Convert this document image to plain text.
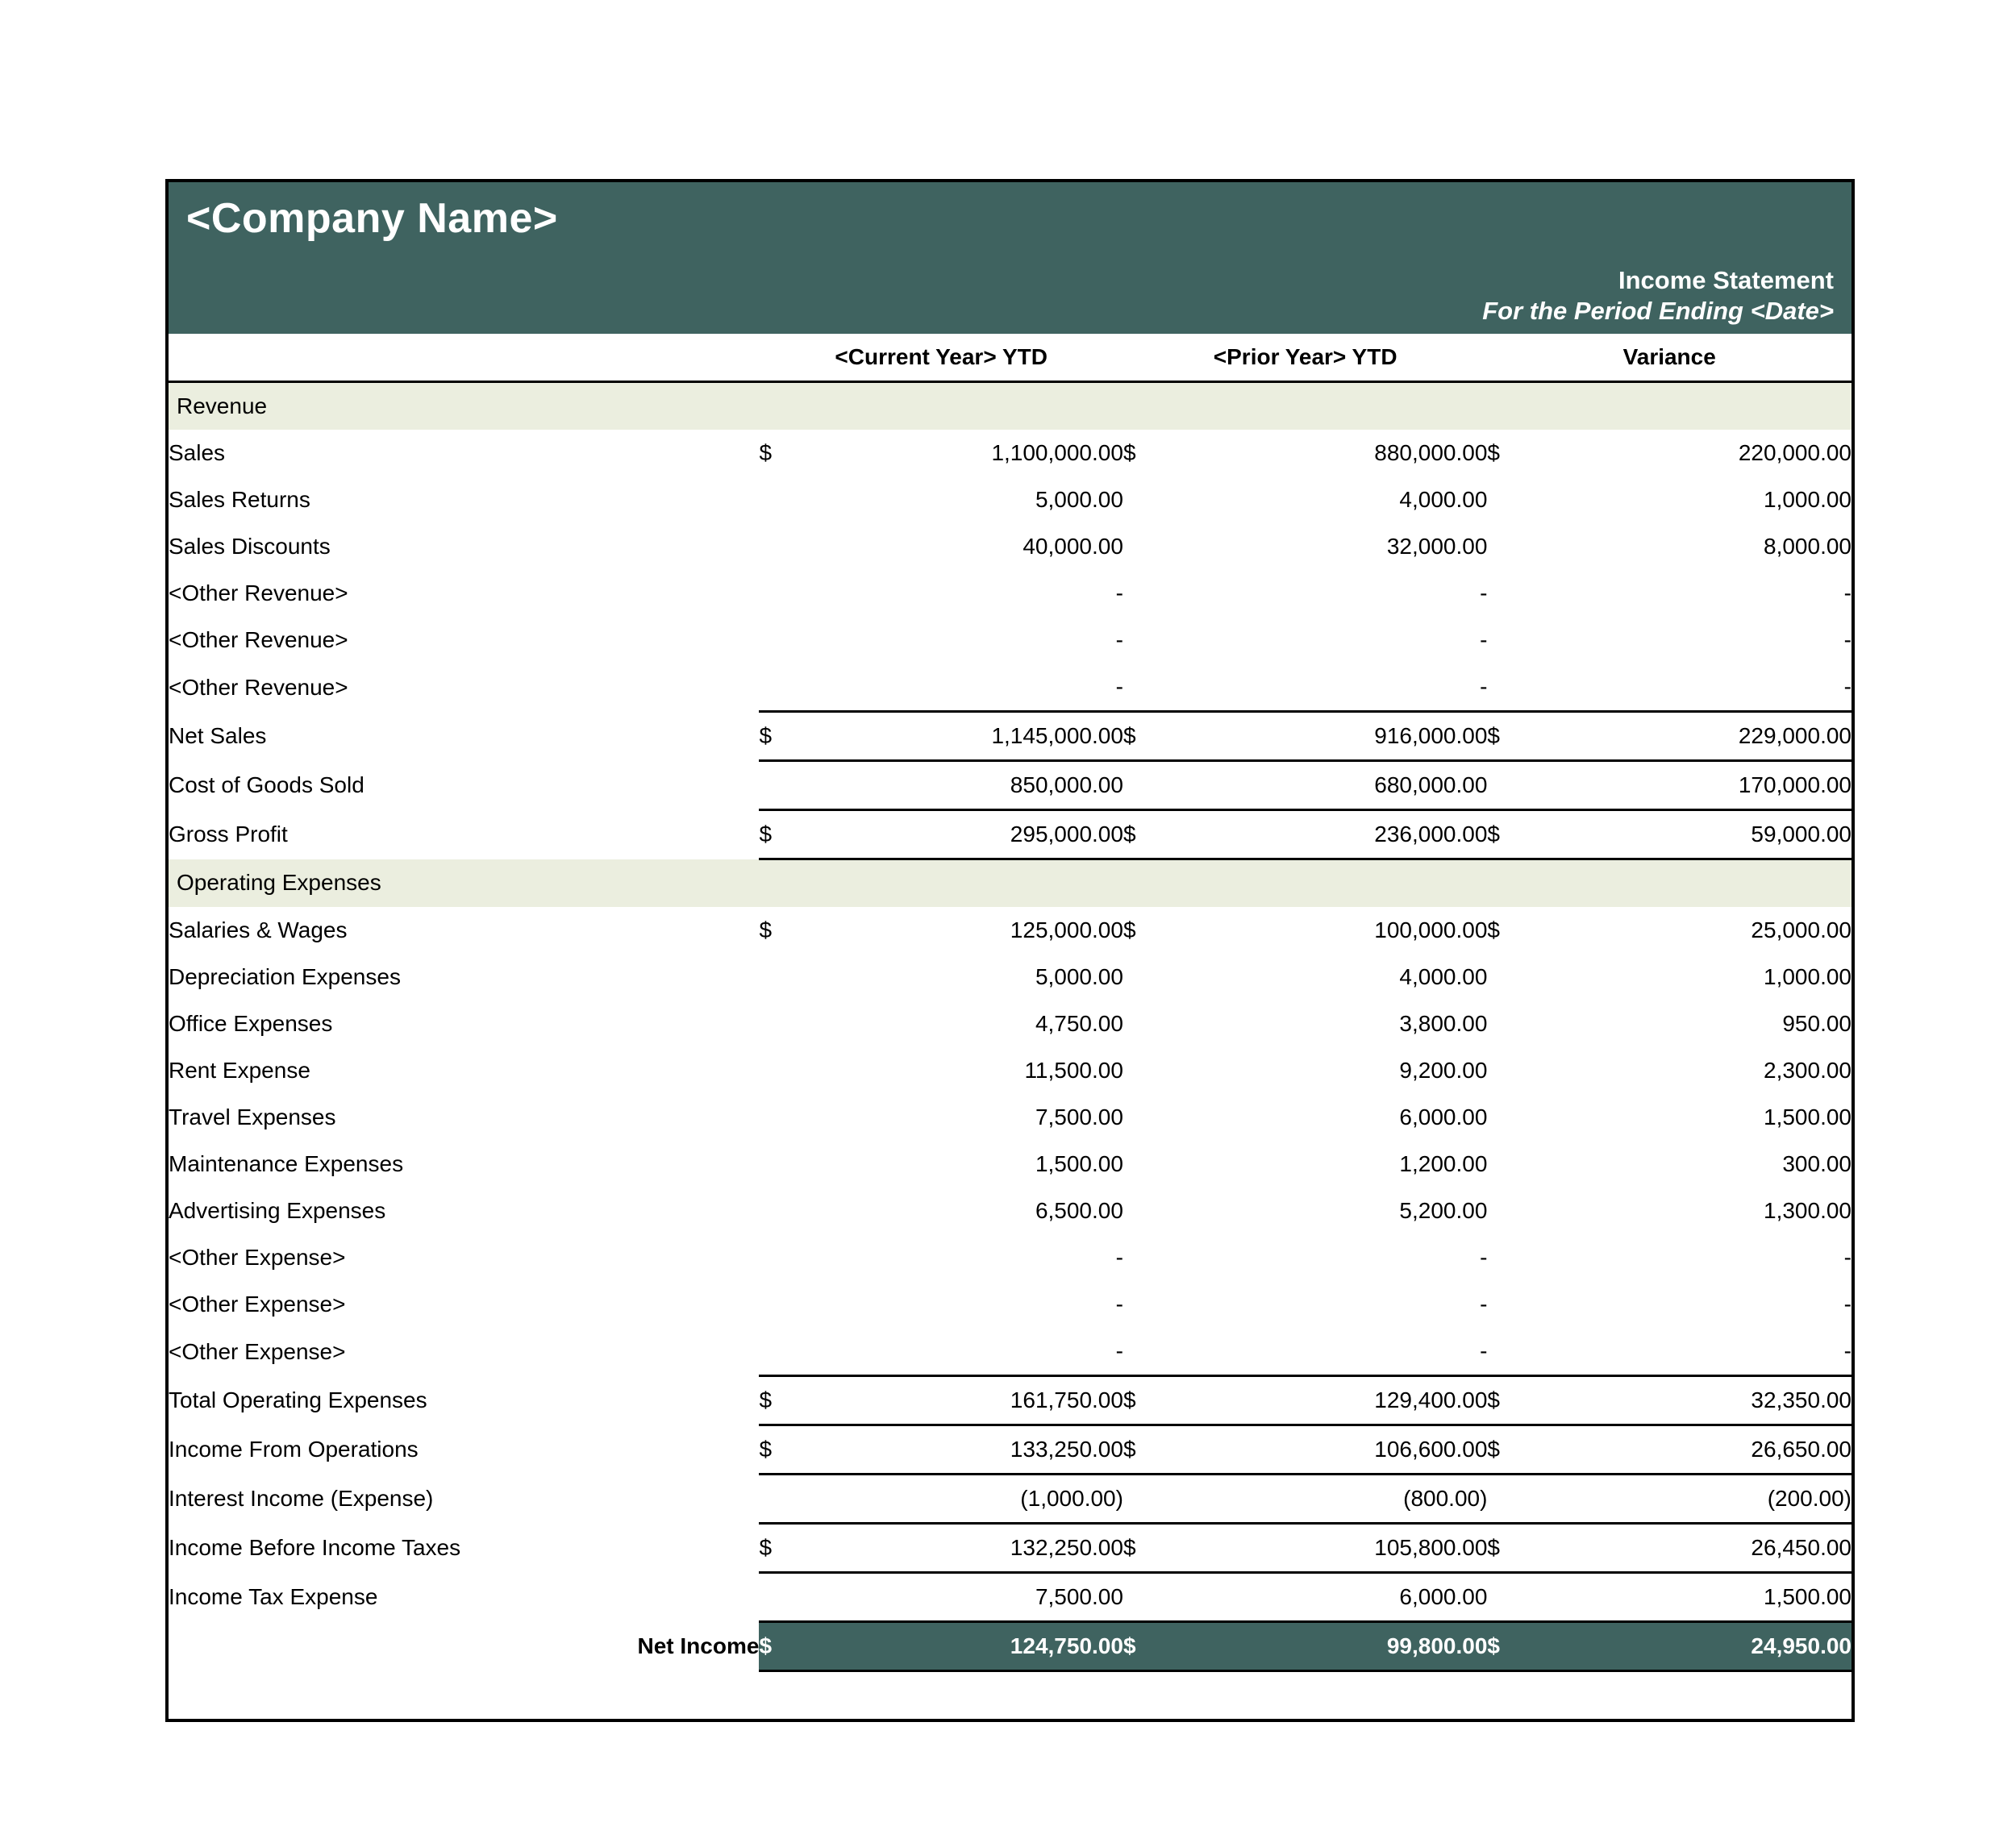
<Company Name>
Income Statement
For the Period Ending <Date>
	<Current Year> YTD		<Prior Year> YTD		Variance	
Revenue						
Sales	$	1,100,000.00	$	880,000.00	$	220,000.00
Sales Returns		5,000.00		4,000.00		1,000.00
Sales Discounts		40,000.00		32,000.00		8,000.00
<Other Revenue>		-		-		-
<Other Revenue>		-		-		-
<Other Revenue>		-		-		-
Net Sales	$	1,145,000.00	$	916,000.00	$	229,000.00
Cost of Goods Sold		850,000.00		680,000.00		170,000.00
Gross Profit	$	295,000.00	$	236,000.00	$	59,000.00
Operating Expenses						
Salaries & Wages	$	125,000.00	$	100,000.00	$	25,000.00
Depreciation Expenses		5,000.00		4,000.00		1,000.00
Office Expenses		4,750.00		3,800.00		950.00
Rent Expense		11,500.00		9,200.00		2,300.00
Travel Expenses		7,500.00		6,000.00		1,500.00
Maintenance Expenses		1,500.00		1,200.00		300.00
Advertising Expenses		6,500.00		5,200.00		1,300.00
<Other Expense>		-		-		-
<Other Expense>		-		-		-
<Other Expense>		-		-		-
Total Operating Expenses	$	161,750.00	$	129,400.00	$	32,350.00
Income From Operations	$	133,250.00	$	106,600.00	$	26,650.00
Interest Income (Expense)		(1,000.00)		(800.00)		(200.00)
Income Before Income Taxes	$	132,250.00	$	105,800.00	$	26,450.00
Income Tax Expense		7,500.00		6,000.00		1,500.00
Net Income	$	124,750.00	$	99,800.00	$	24,950.00
